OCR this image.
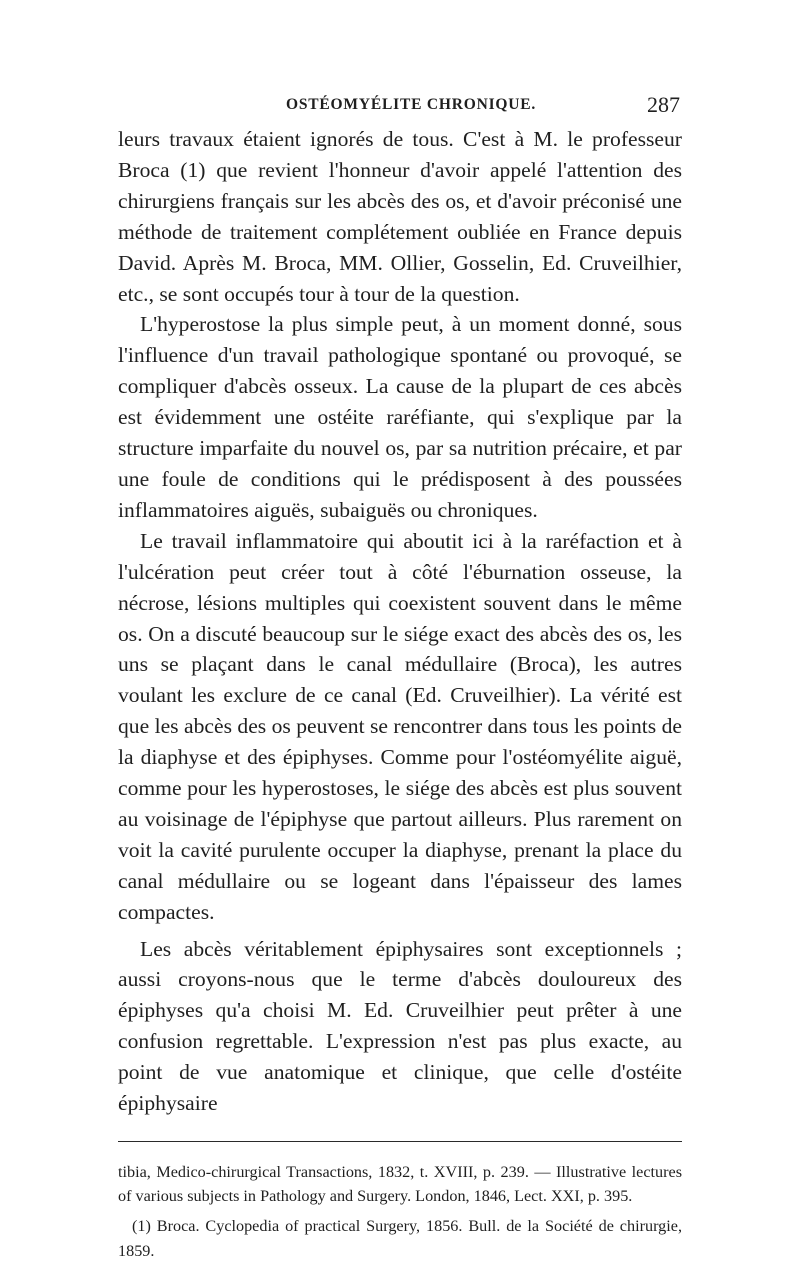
OSTÉOMYÉLITE CHRONIQUE.	287

leurs travaux étaient ignorés de tous. C'est à M. le professeur Broca (1) que revient l'honneur d'avoir appelé l'attention des chirurgiens français sur les abcès des os, et d'avoir préconisé une méthode de traitement complétement oubliée en France depuis David. Après M. Broca, MM. Ollier, Gosselin, Ed. Cruveilhier, etc., se sont occupés tour à tour de la question.

L'hyperostose la plus simple peut, à un moment donné, sous l'influence d'un travail pathologique spontané ou provoqué, se compliquer d'abcès osseux. La cause de la plupart de ces abcès est évidemment une ostéite raréfiante, qui s'explique par la structure imparfaite du nouvel os, par sa nutrition précaire, et par une foule de conditions qui le prédisposent à des poussées inflammatoires aiguës, subaiguës ou chroniques.

Le travail inflammatoire qui aboutit ici à la raréfaction et à l'ulcération peut créer tout à côté l'éburnation osseuse, la nécrose, lésions multiples qui coexistent souvent dans le même os. On a discuté beaucoup sur le siége exact des abcès des os, les uns se plaçant dans le canal médullaire (Broca), les autres voulant les exclure de ce canal (Ed. Cruveilhier). La vérité est que les abcès des os peuvent se rencontrer dans tous les points de la diaphyse et des épiphyses. Comme pour l'ostéomyélite aiguë, comme pour les hyperostoses, le siége des abcès est plus souvent au voisinage de l'épiphyse que partout ailleurs. Plus rarement on voit la cavité purulente occuper la diaphyse, prenant la place du canal médullaire ou se logeant dans l'épaisseur des lames compactes.

Les abcès véritablement épiphysaires sont exceptionnels ; aussi croyons-nous que le terme d'abcès douloureux des épiphyses qu'a choisi M. Ed. Cruveilhier peut prêter à une confusion regrettable. L'expression n'est pas plus exacte, au point de vue anatomique et clinique, que celle d'ostéite épiphysaire

tibia, Medico-chirurgical Transactions, 1832, t. XVIII, p. 239. — Illustrative lectures of various subjects in Pathology and Surgery. London, 1846, Lect. XXI, p. 395.

(1) Broca. Cyclopedia of practical Surgery, 1856. Bull. de la Société de chirurgie, 1859.
